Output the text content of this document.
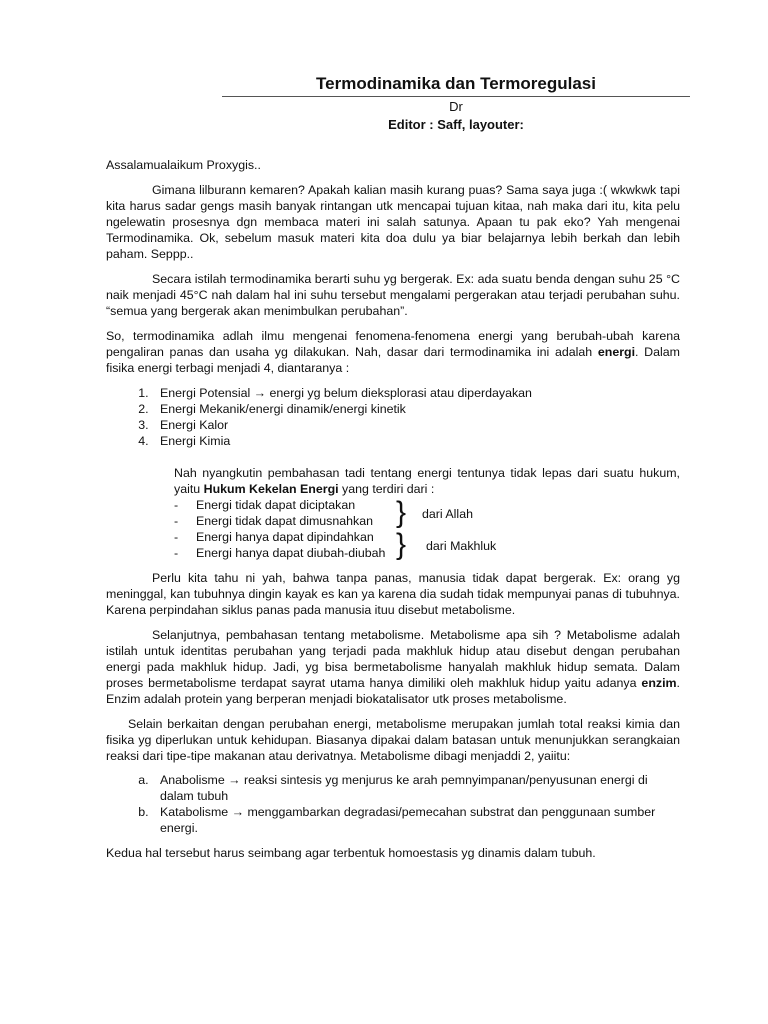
Termodinamika dan Termoregulasi
Dr
Editor : Saff, layouter:

Assalamualaikum Proxygis..

Gimana lilburann kemaren? Apakah kalian masih kurang puas? Sama saya juga :( wkwkwk tapi kita harus sadar gengs masih banyak rintangan utk mencapai tujuan kitaa, nah maka dari itu, kita pelu ngelewatin prosesnya dgn membaca materi ini salah satunya. Apaan tu pak eko? Yah mengenai Termodinamika. Ok, sebelum masuk materi kita doa dulu ya biar belajarnya lebih berkah dan lebih paham. Seppp..

Secara istilah termodinamika berarti suhu yg bergerak. Ex: ada suatu benda dengan suhu 25 °C naik menjadi 45°C nah dalam hal ini suhu tersebut mengalami pergerakan atau terjadi perubahan suhu. “semua yang bergerak akan menimbulkan perubahan”.

So, termodinamika adlah ilmu mengenai fenomena-fenomena energi yang berubah-ubah karena pengaliran panas dan usaha yg dilakukan. Nah, dasar dari termodinamika ini adalah energi. Dalam fisika energi terbagi menjadi 4, diantaranya :

1. Energi Potensial → energi yg belum dieksplorasi atau diperdayakan
2. Energi Mekanik/energi dinamik/energi kinetik
3. Energi Kalor
4. Energi Kimia

Nah nyangkutin pembahasan tadi tentang energi tentunya tidak lepas dari suatu hukum, yaitu Hukum Kekelan Energi yang terdiri dari :

- Energi tidak dapat diciptakan
- Energi tidak dapat dimusnahkan
- Energi hanya dapat dipindahkan
- Energi hanya dapat diubah-diubah
} dari Allah
} dari Makhluk

Perlu kita tahu ni yah, bahwa tanpa panas, manusia tidak dapat bergerak. Ex: orang yg meninggal, kan tubuhnya dingin kayak es kan ya karena dia sudah tidak mempunyai panas di tubuhnya. Karena perpindahan siklus panas pada manusia ituu disebut metabolisme.

Selanjutnya, pembahasan tentang metabolisme. Metabolisme apa sih ? Metabolisme adalah istilah untuk identitas perubahan yang terjadi pada makhluk hidup atau disebut dengan perubahan energi pada makhluk hidup. Jadi, yg bisa bermetabolisme hanyalah makhluk hidup semata. Dalam proses bermetabolisme terdapat sayrat utama hanya dimiliki oleh makhluk hidup yaitu adanya enzim. Enzim adalah protein yang berperan menjadi biokatalisator utk proses metabolisme.

Selain berkaitan dengan perubahan energi, metabolisme merupakan jumlah total reaksi kimia dan fisika yg diperlukan untuk kehidupan. Biasanya dipakai dalam batasan untuk menunjukkan serangkaian reaksi dari tipe-tipe makanan atau derivatnya. Metabolisme dibagi menjaddi 2, yaiitu:

a. Anabolisme → reaksi sintesis yg menjurus ke arah pemnyimpanan/penyusunan energi di dalam tubuh
b. Katabolisme → menggambarkan degradasi/pemecahan substrat dan penggunaan sumber energi.

Kedua hal tersebut harus seimbang agar terbentuk homoestasis yg dinamis dalam tubuh.
